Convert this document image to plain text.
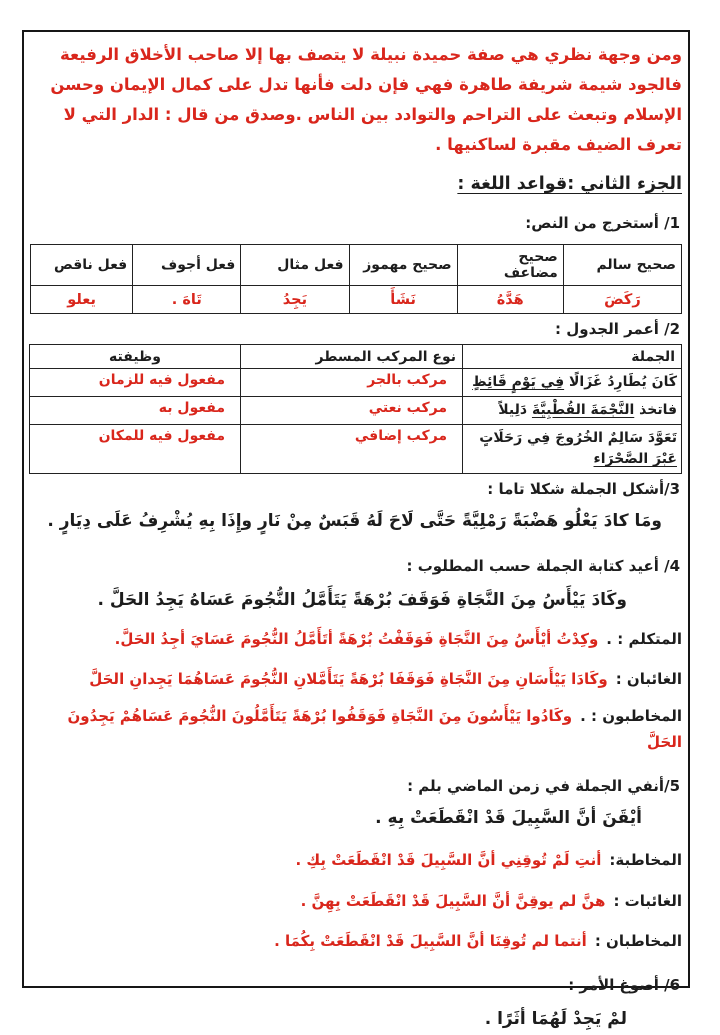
ومن وجهة نظري هي صفة حميدة نبيلة لا يتصف بها إلا صاحب الأخلاق الرفيعة فالجود شيمة شريفة طاهرة فهي فإن دلت فأنها تدل على كمال الإيمان وحسن الإسلام وتبعث على التراحم والتوادد بين الناس .وصدق من قال : الدار التي لا تعرف الضيف مقبرة لساكنيها .

الجزء الثاني :قواعد اللغة :

1/ أستخرج من النص:

صحيح سالم	صحيح مضاعف	صحيح مهموز	فعل مثال	فعل أجوف	فعل ناقص
رَكَضَ	هَدَّهُ	نَشَأَ	يَجِدُ	تَاهَ .	يعلو

2/ أعمر الجدول :

الجملة	نوع المركب المسطر	وظيفته
كَانَ يُطَارِدُ غَزَالًا فِي يَوْمٍ قَائِظٍ	مركب بالجر	مفعول فيه للزمان
فاتخذ النَّجْمَةَ القُطْبِيَّةَ دَلِيلاً	مركب نعتي	مفعول به
تَعَوَّدَ سَالِمٌ الخُرُوجَ فِي رَحَلَاتٍ عَبْرَ الصَّحْرَاء	مركب إضافي	مفعول فيه للمكان

3/أشكل الجملة شكلا تاما :

ومَا كادَ يَعْلُو هَضْبَةً رَمْلِيَّةً حَتَّى لَاحَ لَهُ قَبَسٌ مِنْ نَارٍ وإِذَا بِهِ يُشْرِفُ عَلَى دِيَارٍ .

4/ أعيد كتابة الجملة حسب المطلوب :

وكَادَ يَيْأَسُ مِنَ النَّجَاةِ فَوَقَفَ بُرْهَةً يَتَأَمَّلُ النُّجُومَ عَسَاهُ يَجِدُ الحَلَّ .

المتكلم : .وكِدْتُ أيْأَسُ مِنَ النَّجَاةِ فَوَقَفْتُ بُرْهَةً أتَأَمَّلُ النُّجُومَ عَسَايَ أجِدُ الحَلَّ.

الغائبان :وكَادَا يَيْأَسَانِ مِنَ النَّجَاةِ فَوَقَفَا بُرْهَةً يَتَأَمَّلانِ النُّجُومَ عَسَاهُمَا يَجِدانِ الحَلَّ

المخاطبون : .وكَادُوا يَيْأَسُونَ مِنَ النَّجَاةِ فَوَقَفُوا بُرْهَةً يَتَأَمَّلُونَ النُّجُومَ عَسَاهُمْ يَجِدُونَ الحَلَّ

5/أنفي الجملة في زمن الماضي بلم :

أيْقَنَ أنَّ السَّبِيلَ قَدْ انْقَطَعَتْ بِهِ .

المخاطبة:أنتِ لَمْ تُوقِنِي أنَّ السَّبِيلَ قَدْ انْقَطَعَتْ بِكِ .

الغائبات :هنَّ لم يوقِنَّ أنَّ السَّبِيلَ قَدْ انْقَطَعَتْ بِهِنَّ .

المخاطبان :أنتما لم تُوقِنَا أنَّ السَّبِيلَ قَدْ انْقَطَعَتْ بِكُمَا .

6/ أصوغ الأمر :

لمْ يَجِدْ لَهُمَا أثَرًا .
